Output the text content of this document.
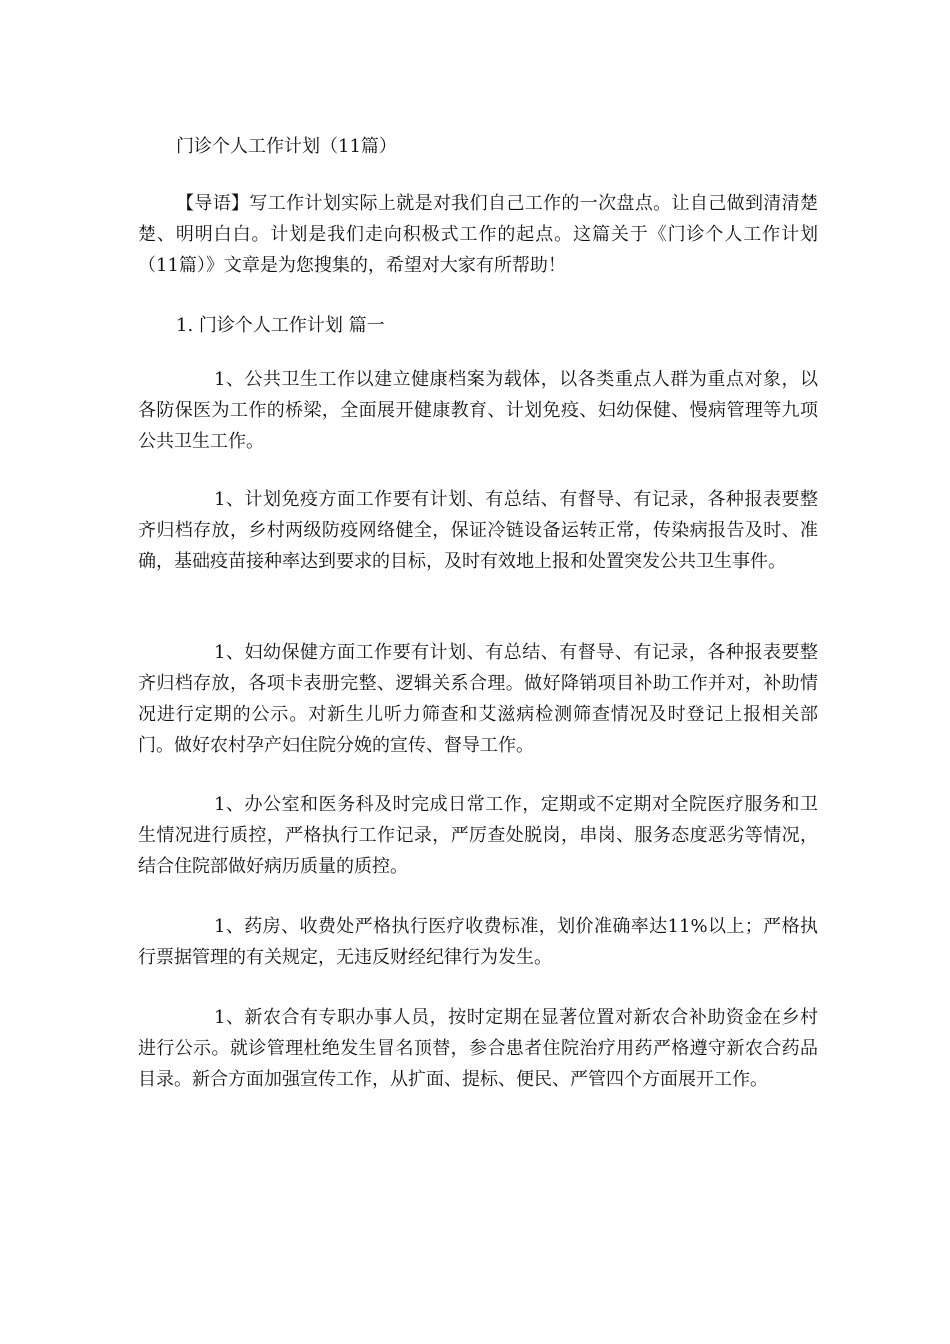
门诊个人工作计划（11篇）
【导语】写工作计划实际上就是对我们自己工作的一次盘点。让自己做到清清楚楚、明明白白。计划是我们走向积极式工作的起点。这篇关于《门诊个人工作计划（11篇）》文章是为您搜集的，希望对大家有所帮助！
1. 门诊个人工作计划 篇一
1、公共卫生工作以建立健康档案为载体，以各类重点人群为重点对象，以各防保医为工作的桥梁，全面展开健康教育、计划免疫、妇幼保健、慢病管理等九项公共卫生工作。
1、计划免疫方面工作要有计划、有总结、有督导、有记录，各种报表要整齐归档存放，乡村两级防疫网络健全，保证冷链设备运转正常，传染病报告及时、准确，基础疫苗接种率达到要求的目标，及时有效地上报和处置突发公共卫生事件。
1、妇幼保健方面工作要有计划、有总结、有督导、有记录，各种报表要整齐归档存放，各项卡表册完整、逻辑关系合理。做好降销项目补助工作并对，补助情况进行定期的公示。对新生儿听力筛查和艾滋病检测筛查情况及时登记上报相关部门。做好农村孕产妇住院分娩的宣传、督导工作。
1、办公室和医务科及时完成日常工作，定期或不定期对全院医疗服务和卫生情况进行质控，严格执行工作记录，严厉查处脱岗，串岗、服务态度恶劣等情况，结合住院部做好病历质量的质控。
1、药房、收费处严格执行医疗收费标准，划价准确率达11%以上；严格执行票据管理的有关规定，无违反财经纪律行为发生。
1、新农合有专职办事人员，按时定期在显著位置对新农合补助资金在乡村进行公示。就诊管理杜绝发生冒名顶替，参合患者住院治疗用药严格遵守新农合药品目录。新合方面加强宣传工作，从扩面、提标、便民、严管四个方面展开工作。
